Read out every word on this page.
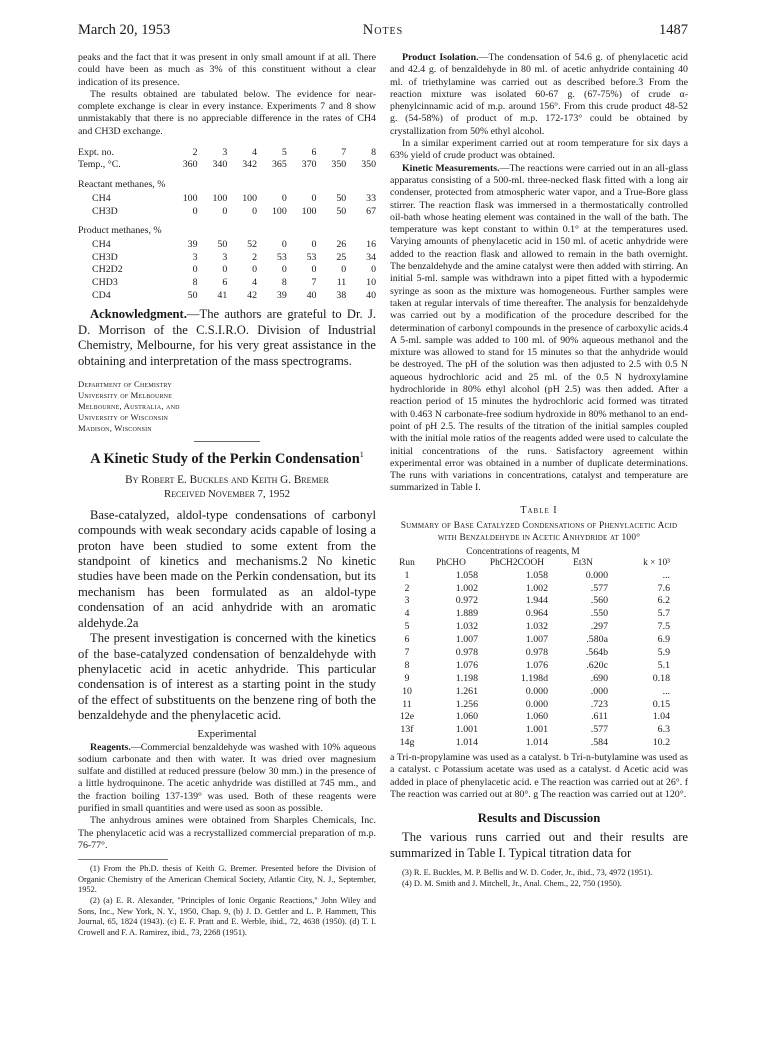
March 20, 1953	Notes	1487

peaks and the fact that it was present in only small amount if at all. There could have been as much as 3% of this constituent without a clear indication of its presence.

The results obtained are tabulated below. The evidence for near-complete exchange is clear in every instance. Experiments 7 and 8 show unmistakably that there is no appreciable difference in the rates of CH4 and CH3D exchange.

Expt. no.	2	3	4	5	6	7	8
Temp., °C.	360	340	342	365	370	350	350
Reactant methanes, %							
CH4	100	100	100	0	0	50	33
CH3D	0	0	0	100	100	50	67
Product methanes, %							
CH4	39	50	52	0	0	26	16
CH3D	3	3	2	53	53	25	34
CH2D2	0	0	0	0	0	0	0
CHD3	8	6	4	8	7	11	10
CD4	50	41	42	39	40	38	40

Acknowledgment.—The authors are grateful to Dr. J. D. Morrison of the C.S.I.R.O. Division of Industrial Chemistry, Melbourne, for his very great assistance in the obtaining and interpretation of the mass spectrograms.

Department of Chemistry
University of Melbourne
Melbourne, Australia, and
University of Wisconsin
Madison, Wisconsin
A Kinetic Study of the Perkin Condensation$^1$
By Robert E. Buckles and Keith G. Bremer
Received November 7, 1952

Base-catalyzed, aldol-type condensations of carbonyl compounds with weak secondary acids capable of losing a proton have been studied to some extent from the standpoint of kinetics and mechanisms.2 No kinetic studies have been made on the Perkin condensation, but its mechanism has been formulated as an aldol-type condensation of an acid anhydride with an aromatic aldehyde.2a

The present investigation is concerned with the kinetics of the base-catalyzed condensation of benzaldehyde with phenylacetic acid in acetic anhydride. This particular condensation is of interest as a starting point in the study of the effect of substituents on the benzene ring of both the benzaldehyde and the phenylacetic acid.

Experimental

Reagents.—Commercial benzaldehyde was washed with 10% aqueous sodium carbonate and then with water. It was dried over magnesium sulfate and distilled at reduced pressure (below 30 mm.) in the presence of a little hydroquinone. The acetic anhydride was distilled at 745 mm., and the fraction boiling 137-139° was used. Both of these reagents were purified in small quantities and were used as soon as possible.

The anhydrous amines were obtained from Sharples Chemicals, Inc. The phenylacetic acid was a recrystallized commercial preparation of m.p. 76-77°.

(1) From the Ph.D. thesis of Keith G. Bremer. Presented before the Division of Organic Chemistry of the American Chemical Society, Atlantic City, N. J., September, 1952.

(2) (a) E. R. Alexander, "Principles of Ionic Organic Reactions," John Wiley and Sons, Inc., New York, N. Y., 1950, Chap. 9, (b) J. D. Gettler and L. P. Hammett, This Journal, 65, 1824 (1943). (c) E. F. Pratt and E. Werble, ibid., 72, 4638 (1950). (d) T. I. Crowell and F. A. Ramirez, ibid., 73, 2268 (1951).

Product Isolation.—The condensation of 54.6 g. of phenylacetic acid and 42.4 g. of benzaldehyde in 80 ml. of acetic anhydride containing 40 ml. of triethylamine was carried out as described before.3 From the reaction mixture was isolated 60-67 g. (67-75%) of crude α-phenylcinnamic acid of m.p. around 156°. From this crude product 48-52 g. (54-58%) of product of m.p. 172-173° could be obtained by crystallization from 50% ethyl alcohol.

In a similar experiment carried out at room temperature for six days a 63% yield of crude product was obtained.

Kinetic Measurements.—The reactions were carried out in an all-glass apparatus consisting of a 500-ml. three-necked flask fitted with a long air condenser, protected from atmospheric water vapor, and a True-Bore glass stirrer. The reaction flask was immersed in a thermostatically controlled oil-bath whose heating element was contained in the wall of the bath. The temperature was kept constant to within 0.1° at the temperatures used. Varying amounts of phenylacetic acid in 150 ml. of acetic anhydride were added to the reaction flask and allowed to remain in the bath overnight. The benzaldehyde and the amine catalyst were then added with stirring. An initial 5-ml. sample was withdrawn into a pipet fitted with a hypodermic syringe as soon as the mixture was homogeneous. Further samples were taken at regular intervals of time thereafter. The analysis for benzaldehyde was carried out by a modification of the procedure described for the determination of carbonyl compounds in the presence of carboxylic acids.4 A 5-ml. sample was added to 100 ml. of 90% aqueous methanol and the mixture was allowed to stand for 15 minutes so that the anhydride would be destroyed. The pH of the solution was then adjusted to 2.5 with 0.5 N aqueous hydrochloric acid and 25 ml. of the 0.5 N hydroxylamine hydrochloride in 80% ethyl alcohol (pH 2.5) was then added. After a reaction period of 15 minutes the hydrochloric acid formed was titrated with 0.463 N carbonate-free sodium hydroxide in 80% methanol to an end-point of pH 2.5. The results of the titration of the initial samples coupled with the initial mole ratios of the reagents added were used to calculate the initial concentrations of the runs. Satisfactory agreement within experimental error was obtained in a number of duplicate determinations. The runs with variations in concentrations, catalyst and temperature are summarized in Table I.

Table I
Summary of Base Catalyzed Condensations of Phenylacetic Acid with Benzaldehyde in Acetic Anhydride at 100°
	Concentrations of reagents, M			
Run	PhCHO	PhCH2COOH	Et3N	k × 10³
1	1.058	1.058	0.000	...
2	1.002	1.002	.577	7.6
3	0.972	1.944	.560	6.2
4	1.889	0.964	.550	5.7
5	1.032	1.032	.297	7.5
6	1.007	1.007	.580a	6.9
7	0.978	0.978	.564b	5.9
8	1.076	1.076	.620c	5.1
9	1.198	1.198d	.690	0.18
10	1.261	0.000	.000	...
11	1.256	0.000	.723	0.15
12e	1.060	1.060	.611	1.04
13f	1.001	1.001	.577	6.3
14g	1.014	1.014	.584	10.2

a Tri-n-propylamine was used as a catalyst. b Tri-n-butylamine was used as a catalyst. c Potassium acetate was used as a catalyst. d Acetic acid was added in place of phenylacetic acid. e The reaction was carried out at 26°. f The reaction was carried out at 80°. g The reaction was carried out at 120°.

Results and Discussion

The various runs carried out and their results are summarized in Table I. Typical titration data for

(3) R. E. Buckles, M. P. Bellis and W. D. Coder, Jr., ibid., 73, 4972 (1951).

(4) D. M. Smith and J. Mitchell, Jr., Anal. Chem., 22, 750 (1950).
